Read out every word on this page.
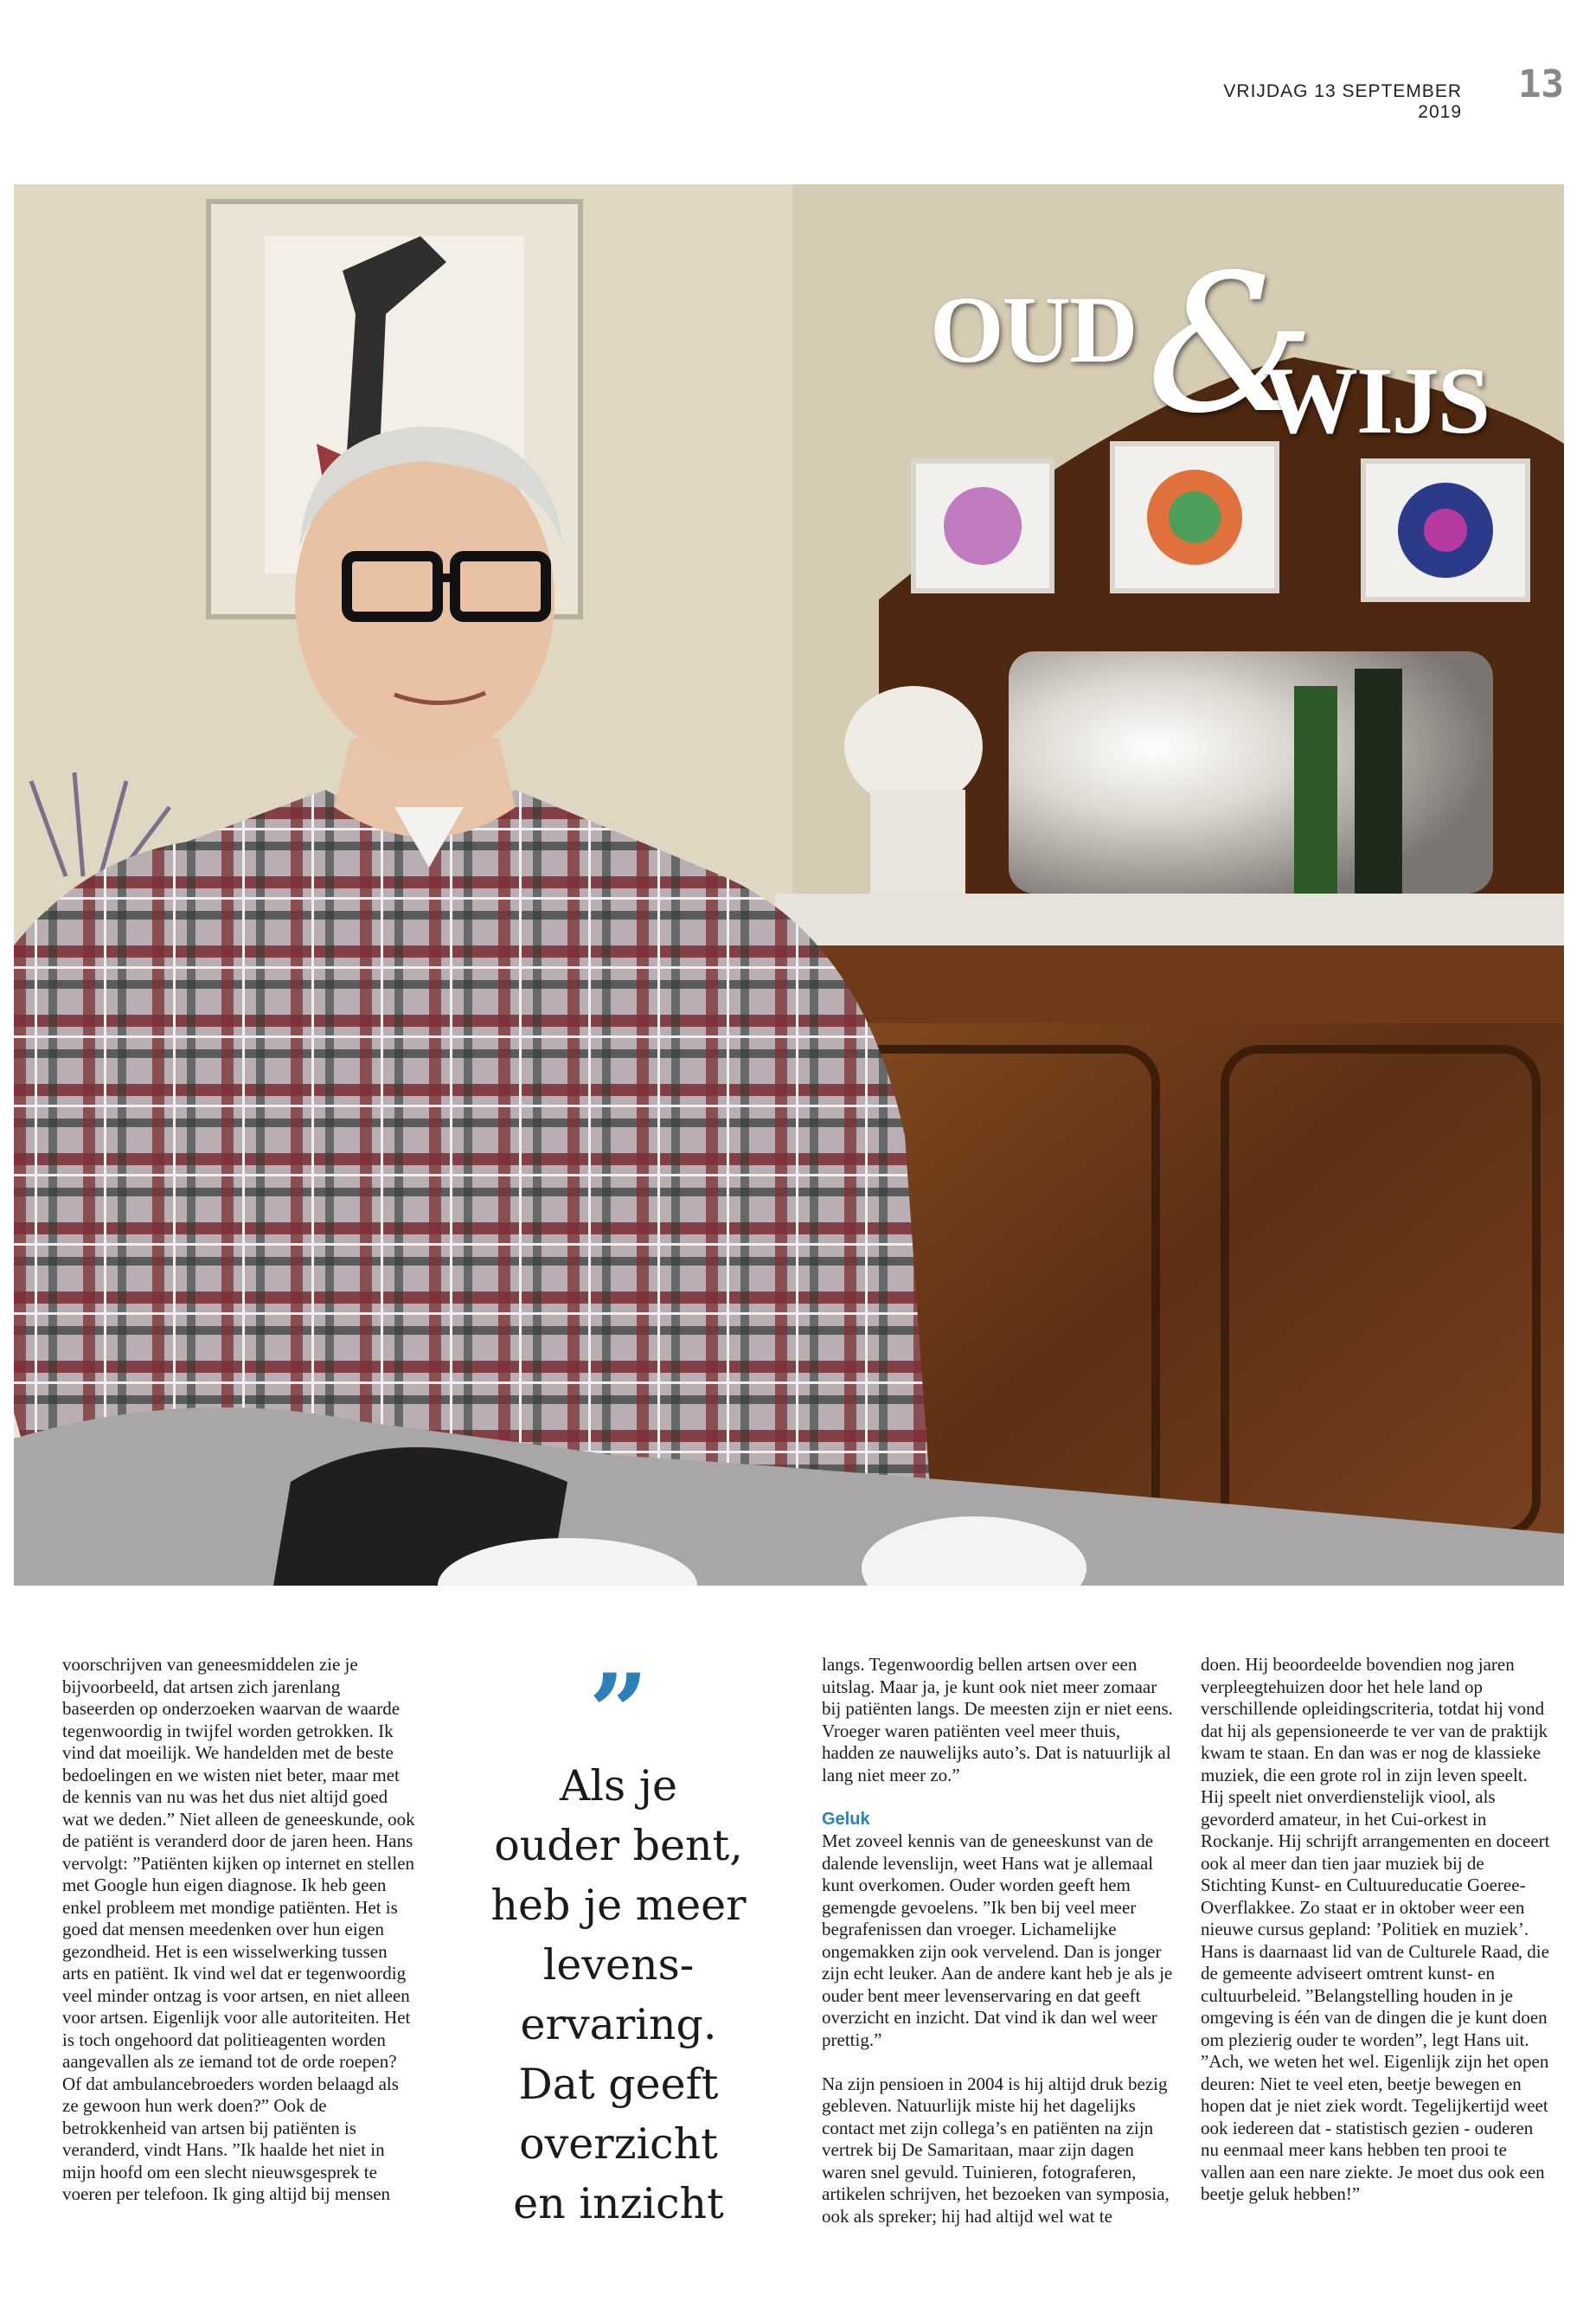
VRIJDAG 13 SEPTEMBER 2019
13
OUD &
WIJS

voorschrijven van geneesmiddelen zie je bijvoorbeeld, dat artsen zich jarenlang baseerden op onderzoeken waarvan de waarde tegenwoordig in twijfel worden getrokken. Ik vind dat moeilijk. We handelden met de beste bedoelingen en we wisten niet beter, maar met de kennis van nu was het dus niet altijd goed wat we deden.” Niet alleen de geneeskunde, ook de patiënt is veranderd door de jaren heen. Hans vervolgt: ”Patiënten kijken op internet en stellen met Google hun eigen diagnose. Ik heb geen enkel probleem met mondige patiënten. Het is goed dat mensen meedenken over hun eigen gezondheid. Het is een wisselwerking tussen arts en patiënt. Ik vind wel dat er tegenwoordig veel minder ontzag is voor artsen, en niet alleen voor artsen. Eigenlijk voor alle autoriteiten. Het is toch ongehoord dat politieagenten worden aangevallen als ze iemand tot de orde roepen? Of dat ambulancebroeders worden belaagd als ze gewoon hun werk doen?” Ook de betrokkenheid van artsen bij patiënten is veranderd, vindt Hans. ”Ik haalde het niet in mijn hoofd om een slecht nieuwsgesprek te voeren per telefoon. Ik ging altijd bij mensen

”
Als je
ouder bent,
heb je meer
levens-
ervaring.
Dat geeft
overzicht
en inzicht

langs. Tegenwoordig bellen artsen over een uitslag. Maar ja, je kunt ook niet meer zomaar bij patiënten langs. De meesten zijn er niet eens. Vroeger waren patiënten veel meer thuis, hadden ze nauwelijks auto’s. Dat is natuurlijk al lang niet meer zo.”

Geluk

Met zoveel kennis van de geneeskunst van de dalende levenslijn, weet Hans wat je allemaal kunt overkomen. Ouder worden geeft hem gemengde gevoelens. ”Ik ben bij veel meer begrafenissen dan vroeger. Lichamelijke ongemakken zijn ook vervelend. Dan is jonger zijn echt leuker. Aan de andere kant heb je als je ouder bent meer levenservaring en dat geeft overzicht en inzicht. Dat vind ik dan wel weer prettig.”

Na zijn pensioen in 2004 is hij altijd druk bezig gebleven. Natuurlijk miste hij het dagelijks contact met zijn collega’s en patiënten na zijn vertrek bij De Samaritaan, maar zijn dagen waren snel gevuld. Tuinieren, fotograferen, artikelen schrijven, het bezoeken van symposia, ook als spreker; hij had altijd wel wat te

doen. Hij beoordeelde bovendien nog jaren verpleegtehuizen door het hele land op verschillende opleidingscriteria, totdat hij vond dat hij als gepensioneerde te ver van de praktijk kwam te staan. En dan was er nog de klassieke muziek, die een grote rol in zijn leven speelt.

Hij speelt niet onverdienstelijk viool, als gevorderd amateur, in het Cui-orkest in Rockanje. Hij schrijft arrangementen en doceert ook al meer dan tien jaar muziek bij de Stichting Kunst- en Cultuureducatie Goeree-Overflakkee. Zo staat er in oktober weer een nieuwe cursus gepland: ’Politiek en muziek’. Hans is daarnaast lid van de Culturele Raad, die de gemeente adviseert omtrent kunst- en cultuurbeleid. ”Belangstelling houden in je omgeving is één van de dingen die je kunt doen om plezierig ouder te worden”, legt Hans uit. ”Ach, we weten het wel. Eigenlijk zijn het open deuren: Niet te veel eten, beetje bewegen en hopen dat je niet ziek wordt. Tegelijkertijd weet ook iedereen dat - statistisch gezien - ouderen nu eenmaal meer kans hebben ten prooi te vallen aan een nare ziekte. Je moet dus ook een beetje geluk hebben!”
